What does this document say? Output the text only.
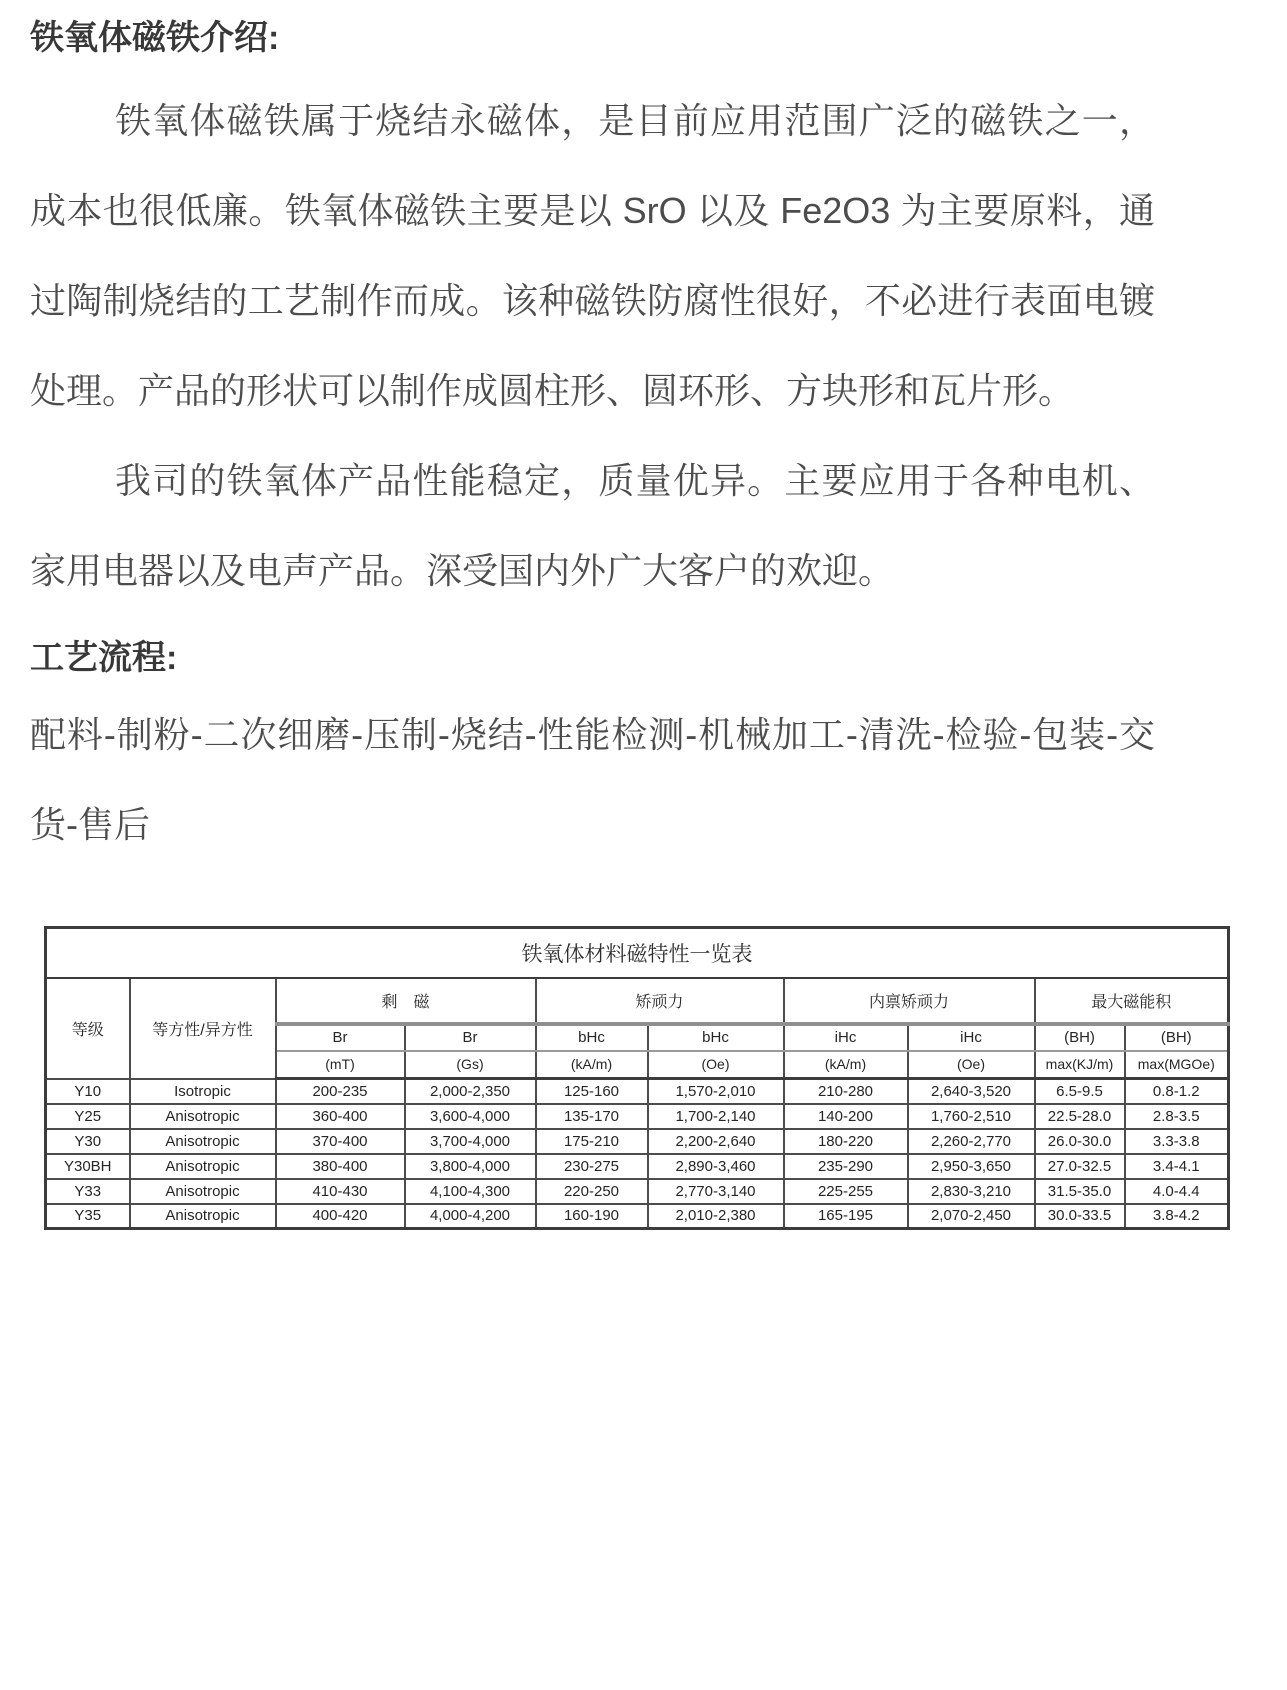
铁氧体磁铁介绍:

铁氧体磁铁属于烧结永磁体，是目前应用范围广泛的磁铁之一，成本也很低廉。铁氧体磁铁主要是以 SrO 以及 Fe2O3 为主要原料，通过陶制烧结的工艺制作而成。该种磁铁防腐性很好，不必进行表面电镀处理。产品的形状可以制作成圆柱形、圆环形、方块形和瓦片形。

我司的铁氧体产品性能稳定，质量优异。主要应用于各种电机、家用电器以及电声产品。深受国内外广大客户的欢迎。

工艺流程:

配料-制粉-二次细磨-压制-烧结-性能检测-机械加工-清洗-检验-包装-交货-售后

铁氧体材料磁特性一览表									
等级	等方性/异方性	剩　磁		矫顽力		内禀矫顽力		最大磁能积	
		Br	Br	bHc	bHc	iHc	iHc	(BH)	(BH)
		(mT)	(Gs)	(kA/m)	(Oe)	(kA/m)	(Oe)	max(KJ/m)	max(MGOe)
Y10	Isotropic	200-235	2,000-2,350	125-160	1,570-2,010	210-280	2,640-3,520	6.5-9.5	0.8-1.2
Y25	Anisotropic	360-400	3,600-4,000	135-170	1,700-2,140	140-200	1,760-2,510	22.5-28.0	2.8-3.5
Y30	Anisotropic	370-400	3,700-4,000	175-210	2,200-2,640	180-220	2,260-2,770	26.0-30.0	3.3-3.8
Y30BH	Anisotropic	380-400	3,800-4,000	230-275	2,890-3,460	235-290	2,950-3,650	27.0-32.5	3.4-4.1
Y33	Anisotropic	410-430	4,100-4,300	220-250	2,770-3,140	225-255	2,830-3,210	31.5-35.0	4.0-4.4
Y35	Anisotropic	400-420	4,000-4,200	160-190	2,010-2,380	165-195	2,070-2,450	30.0-33.5	3.8-4.2
